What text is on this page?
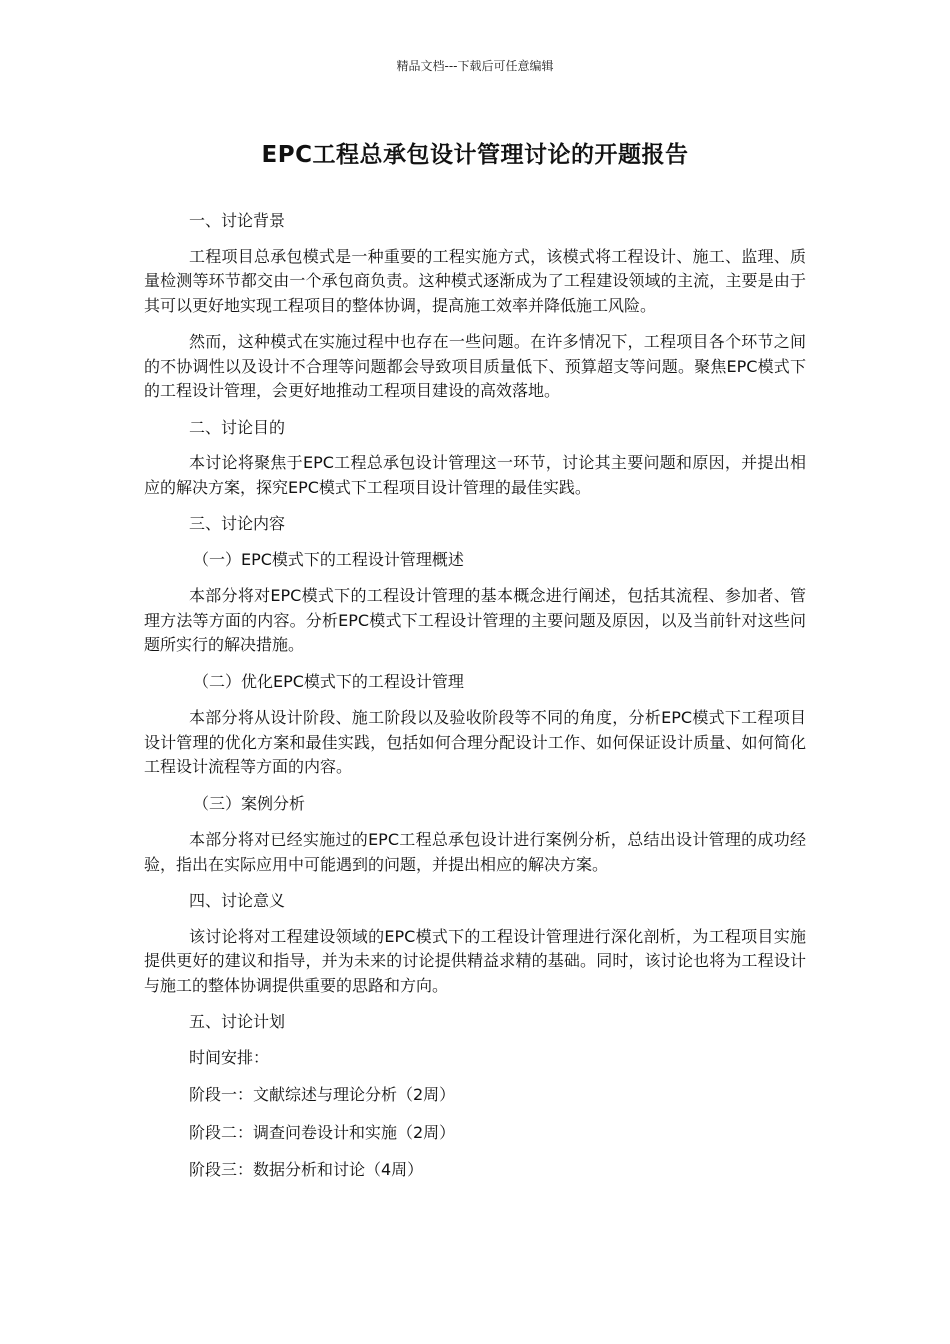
精品文档---下载后可任意编辑
EPC工程总承包设计管理讨论的开题报告

一、讨论背景

工程项目总承包模式是一种重要的工程实施方式，该模式将工程设计、施工、监理、质量检测等环节都交由一个承包商负责。这种模式逐渐成为了工程建设领域的主流，主要是由于其可以更好地实现工程项目的整体协调，提高施工效率并降低施工风险。

然而，这种模式在实施过程中也存在一些问题。在许多情况下，工程项目各个环节之间的不协调性以及设计不合理等问题都会导致项目质量低下、预算超支等问题。聚焦EPC模式下的工程设计管理，会更好地推动工程项目建设的高效落地。

二、讨论目的

本讨论将聚焦于EPC工程总承包设计管理这一环节，讨论其主要问题和原因，并提出相应的解决方案，探究EPC模式下工程项目设计管理的最佳实践。

三、讨论内容

（一）EPC模式下的工程设计管理概述

本部分将对EPC模式下的工程设计管理的基本概念进行阐述，包括其流程、参加者、管理方法等方面的内容。分析EPC模式下工程设计管理的主要问题及原因，以及当前针对这些问题所实行的解决措施。

（二）优化EPC模式下的工程设计管理

本部分将从设计阶段、施工阶段以及验收阶段等不同的角度，分析EPC模式下工程项目设计管理的优化方案和最佳实践，包括如何合理分配设计工作、如何保证设计质量、如何简化工程设计流程等方面的内容。

（三）案例分析

本部分将对已经实施过的EPC工程总承包设计进行案例分析，总结出设计管理的成功经验，指出在实际应用中可能遇到的问题，并提出相应的解决方案。

四、讨论意义

该讨论将对工程建设领域的EPC模式下的工程设计管理进行深化剖析，为工程项目实施提供更好的建议和指导，并为未来的讨论提供精益求精的基础。同时，该讨论也将为工程设计与施工的整体协调提供重要的思路和方向。

五、讨论计划

时间安排：

阶段一：文献综述与理论分析（2周）

阶段二：调查问卷设计和实施（2周）

阶段三：数据分析和讨论（4周）
